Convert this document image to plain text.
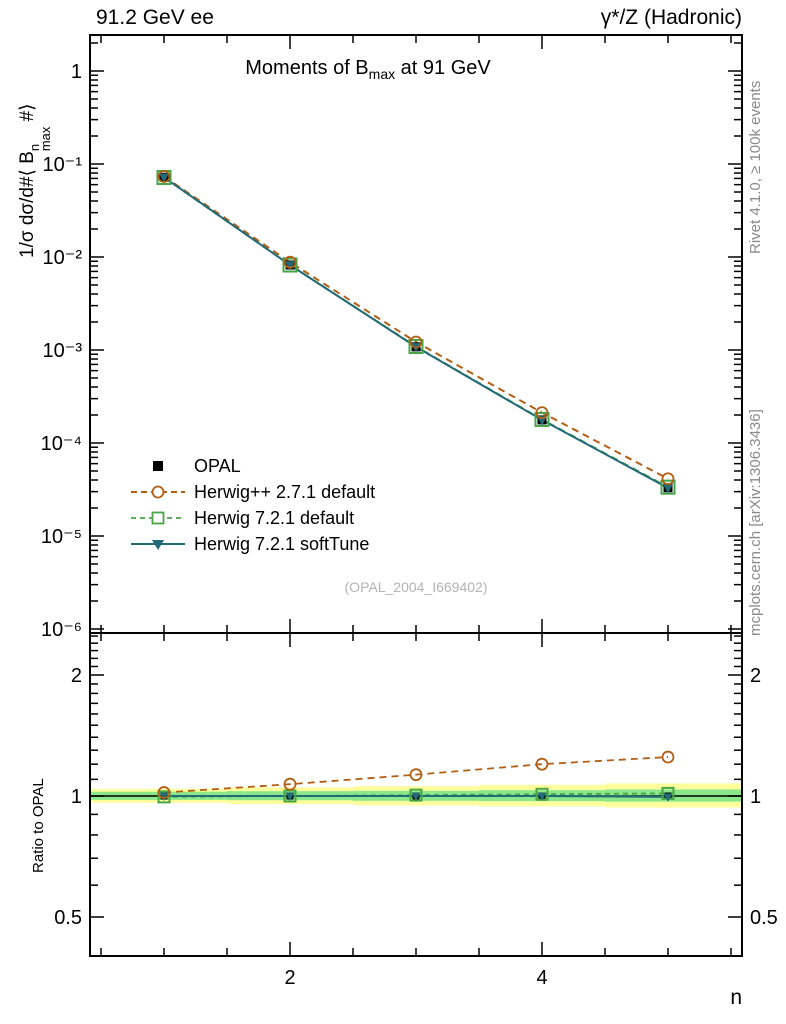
1
10⁻¹
10⁻²
10⁻³
10⁻⁴
10⁻⁵
10⁻⁶
2	2
1	1
0.5	0.5
2	4
91.2 GeV ee	γ*/Z (Hadronic)
Moments of $B_{max}$ at 91 GeV
1/σ dσ/d#⟨ B
n
max
#⟩
Ratio to OPAL
Rivet 4.1.0, ≥ 100k events
mcplots.cern.ch [arXiv:1306.3436]
n
(OPAL_2004_I669402)
OPAL
Herwig++ 2.7.1 default
Herwig 7.2.1 default
Herwig 7.2.1 softTune
